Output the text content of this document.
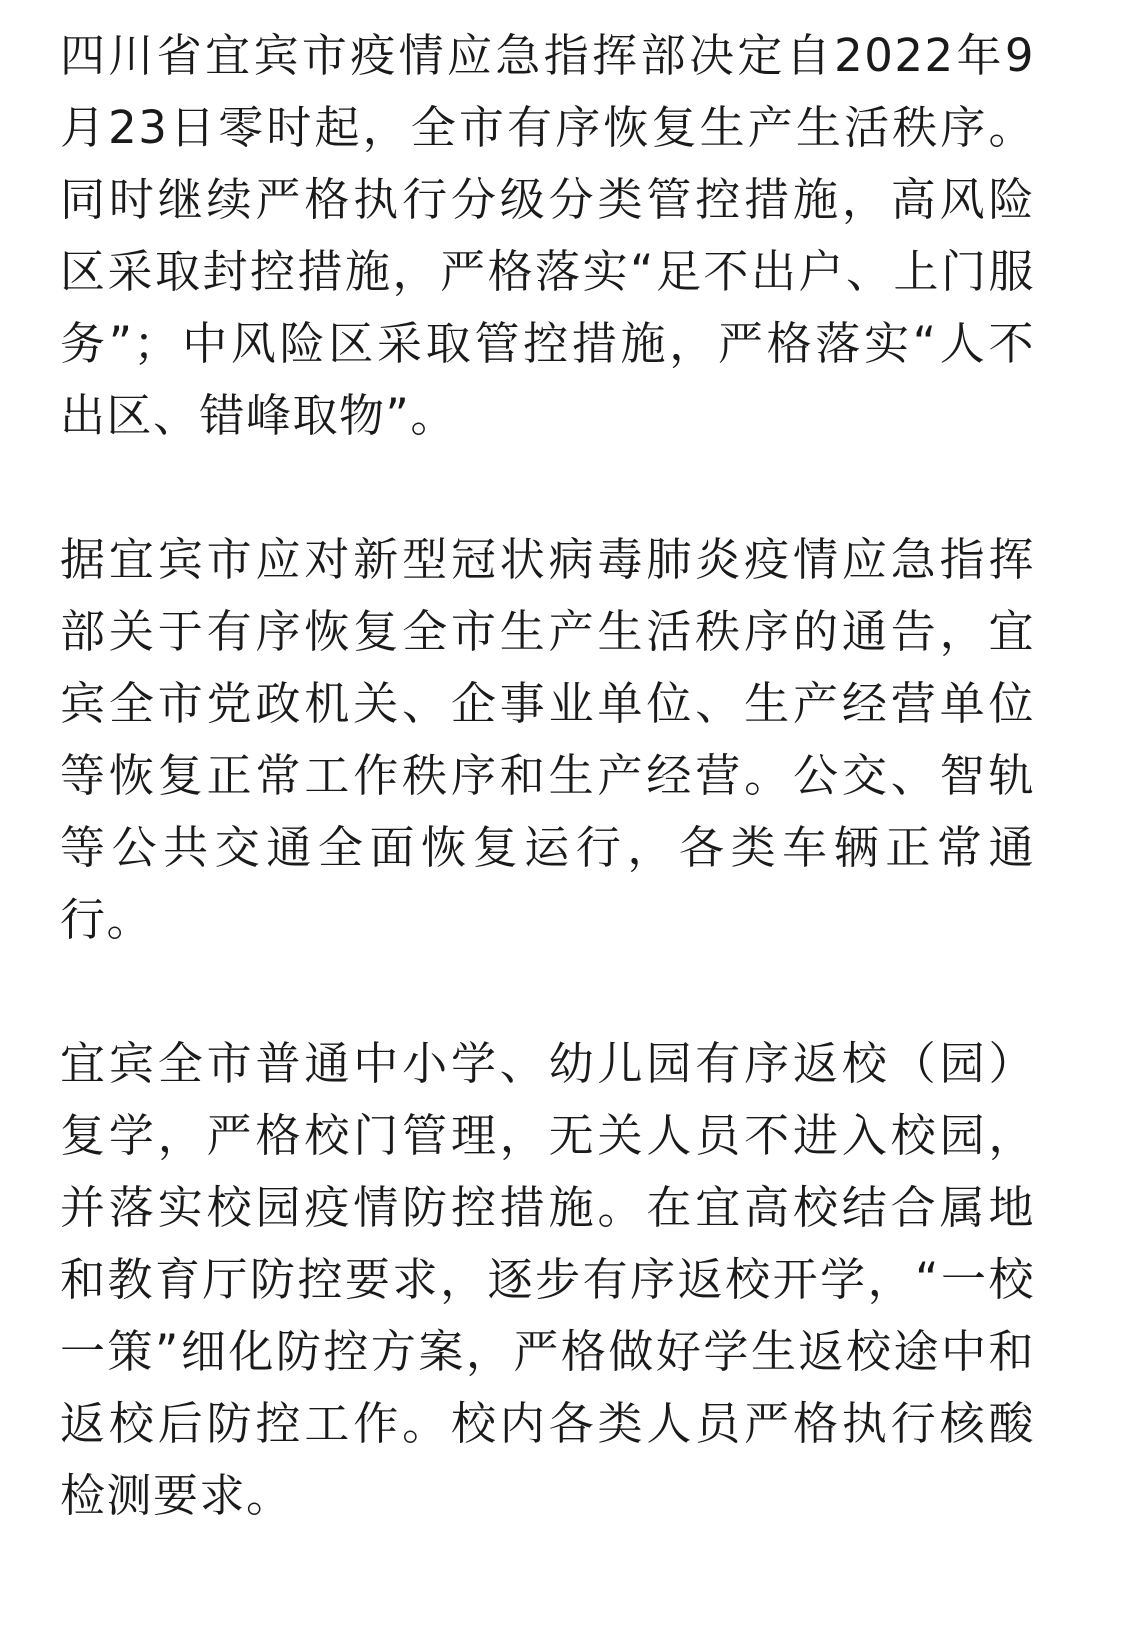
四川省宜宾市疫情应急指挥部决定自2022年9月23日零时起，全市有序恢复生产生活秩序。同时继续严格执行分级分类管控措施，高风险区采取封控措施，严格落实“足不出户、上门服务”；中风险区采取管控措施，严格落实“人不出区、错峰取物”。

据宜宾市应对新型冠状病毒肺炎疫情应急指挥部关于有序恢复全市生产生活秩序的通告，宜宾全市党政机关、企事业单位、生产经营单位等恢复正常工作秩序和生产经营。公交、智轨等公共交通全面恢复运行，各类车辆正常通行。

宜宾全市普通中小学、幼儿园有序返校（园）复学，严格校门管理，无关人员不进入校园，并落实校园疫情防控措施。在宜高校结合属地和教育厅防控要求，逐步有序返校开学，“一校一策”细化防控方案，严格做好学生返校途中和返校后防控工作。校内各类人员严格执行核酸检测要求。
